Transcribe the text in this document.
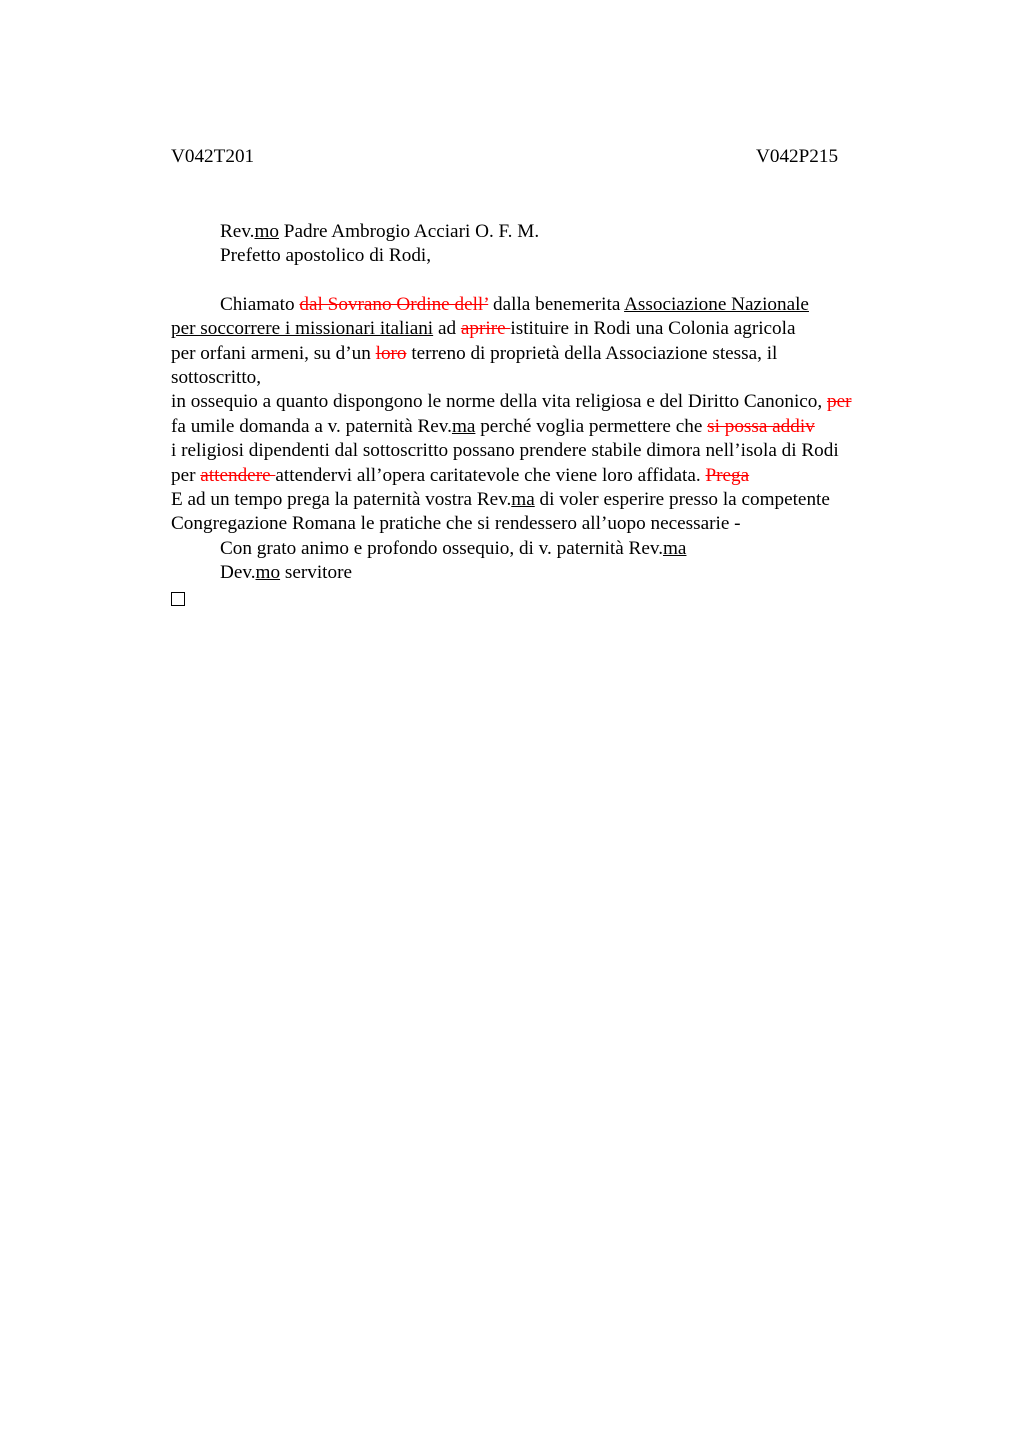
V042T201	V042P215
Rev.mo Padre Ambrogio Acciari O. F. M.
Prefetto apostolico di Rodi,
Chiamato dal Sovrano Ordine dell’ dalla benemerita Associazione Nazionale
per soccorrere i missionari italiani ad aprire istituire in Rodi una Colonia agricola
per orfani armeni, su d’un loro terreno di proprietà della Associazione stessa, il
sottoscritto,
in ossequio a quanto dispongono le norme della vita religiosa e del Diritto Canonico, per
fa umile domanda a v. paternità Rev.ma perché voglia permettere che si possa addiv
i religiosi dipendenti dal sottoscritto possano prendere stabile dimora nell’isola di Rodi
per attendere attendervi all’opera caritatevole che viene loro affidata. Prega
E ad un tempo prega la paternità vostra Rev.ma di voler esperire presso la competente
Congregazione Romana le pratiche che si rendessero all’uopo necessarie -
Con grato animo e profondo ossequio, di v. paternità Rev.ma
Dev.mo servitore
